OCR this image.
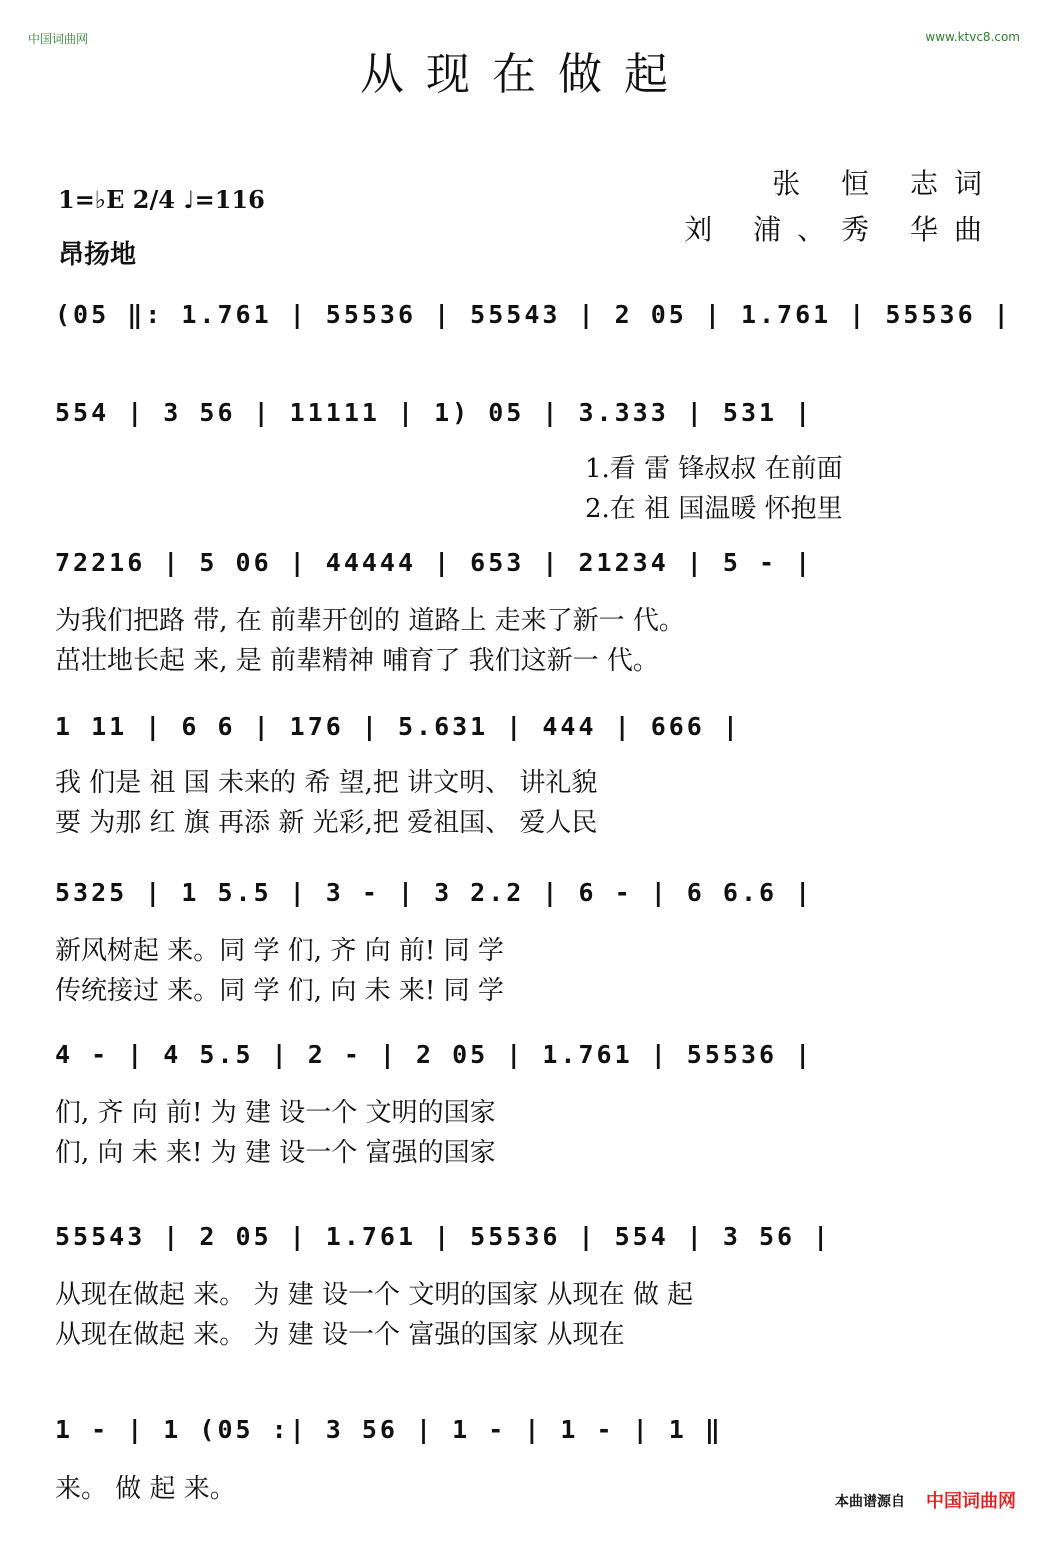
中国词曲网	www.ktvc8.com
从现在做起
张 恒 志词
刘 浦、秀 华曲
1=♭E 2/4 ♩=116
昂扬地
(05 ‖: 1.761 | 55536 | 55543 | 2 05 | 1.761 | 55536 |
554 | 3 56 | 11111 | 1) 05 | 3.333 | 531 |
72216 | 5 06 | 44444 | 653 | 21234 | 5 - |
1 11 | 6 6 | 176 | 5.631 | 444 | 666 |
5325 | 1 5.5 | 3 - | 3 2.2 | 6 - | 6 6.6 |
4 - | 4 5.5 | 2 - | 2 05 | 1.761 | 55536 |
55543 | 2 05 | 1.761 | 55536 | 554 | 3 56 |
1 - | 1 (05 :| 3 56 | 1 - | 1 - | 1 ‖
1.看 雷 锋叔叔 在前面
2.在 祖 国温暖 怀抱里
为我们把路 带, 在 前辈开创的 道路上 走来了新一 代。
茁壮地长起 来, 是 前辈精神 哺育了 我们这新一 代。
我 们是 祖 国 未来的 希 望,把 讲文明、 讲礼貌
要 为那 红 旗 再添 新 光彩,把 爱祖国、 爱人民
新风树起 来。同 学 们, 齐 向 前! 同 学
传统接过 来。同 学 们, 向 未 来! 同 学
们, 齐 向 前! 为 建 设一个 文明的国家
们, 向 未 来! 为 建 设一个 富强的国家
从现在做起 来。 为 建 设一个 文明的国家 从现在 做 起
从现在做起 来。 为 建 设一个 富强的国家 从现在
来。 做 起 来。	本曲谱源自 中国词曲网
